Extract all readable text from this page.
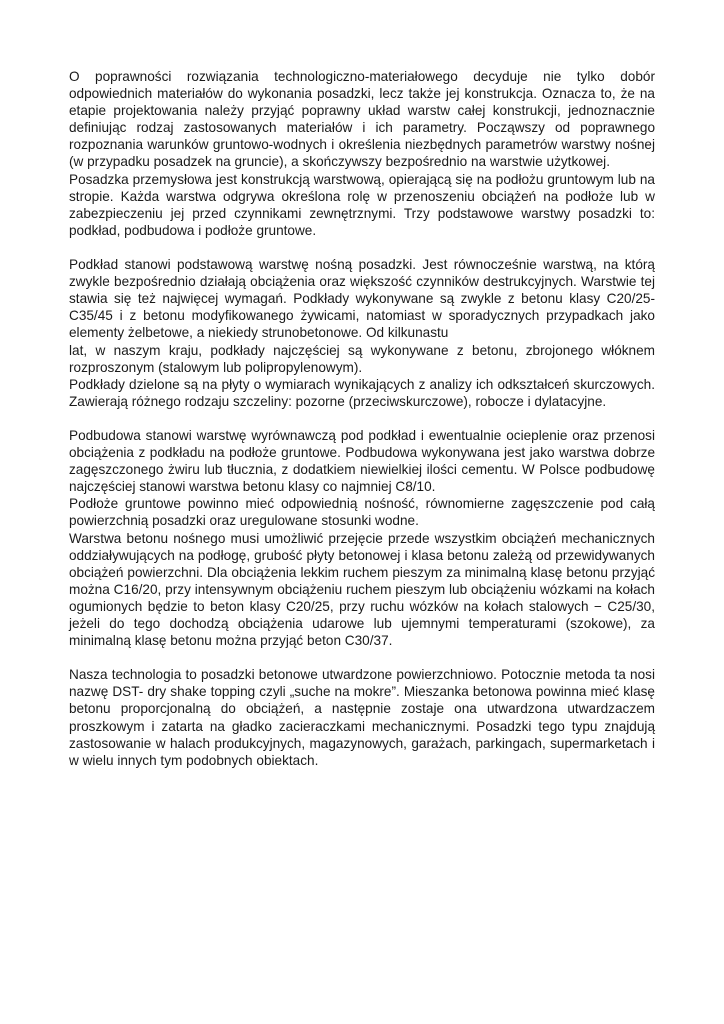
O poprawności rozwiązania technologiczno-materiałowego decyduje nie tylko dobór odpowiednich materiałów do wykonania posadzki, lecz także jej konstrukcja. Oznacza to, że na etapie projektowania należy przyjąć poprawny układ warstw całej konstrukcji, jednoznacznie definiując rodzaj zastosowanych materiałów i ich parametry. Począwszy od poprawnego rozpoznania warunków gruntowo-wodnych i określenia niezbędnych parametrów warstwy nośnej (w przypadku posadzek na gruncie), a skończywszy bezpośrednio na warstwie użytkowej.

Posadzka przemysłowa jest konstrukcją warstwową, opierającą się na podłożu gruntowym lub na stropie. Każda warstwa odgrywa określona rolę w przenoszeniu obciążeń na podłoże lub w zabezpieczeniu jej przed czynnikami zewnętrznymi. Trzy podstawowe warstwy posadzki to: podkład, podbudowa i podłoże gruntowe.

Podkład stanowi podstawową warstwę nośną posadzki. Jest równocześnie warstwą, na którą zwykle bezpośrednio działają obciążenia oraz większość czynników destrukcyjnych. Warstwie tej stawia się też najwięcej wymagań. Podkłady wykonywane są zwykle z betonu klasy C20/25-C35/45 i z betonu modyfikowanego żywicami, natomiast w sporadycznych przypadkach jako elementy żelbetowe, a niekiedy strunobetonowe. Od kilkunastu

lat, w naszym kraju, podkłady najczęściej są wykonywane z betonu, zbrojonego włóknem rozproszonym (stalowym lub polipropylenowym).

Podkłady dzielone są na płyty o wymiarach wynikających z analizy ich odkształceń skurczowych. Zawierają różnego rodzaju szczeliny: pozorne (przeciwskurczowe), robocze i dylatacyjne.

Podbudowa stanowi warstwę wyrównawczą pod podkład i ewentualnie ocieplenie oraz przenosi obciążenia z podkładu na podłoże gruntowe. Podbudowa wykonywana jest jako warstwa dobrze zagęszczonego żwiru lub tłucznia, z dodatkiem niewielkiej ilości cementu. W Polsce podbudowę najczęściej stanowi warstwa betonu klasy co najmniej C8/10.

Podłoże gruntowe powinno mieć odpowiednią nośność, równomierne zagęszczenie pod całą powierzchnią posadzki oraz uregulowane stosunki wodne.

Warstwa betonu nośnego musi umożliwić przejęcie przede wszystkim obciążeń mechanicznych oddziaływujących na podłogę, grubość płyty betonowej i klasa betonu zależą od przewidywanych obciążeń powierzchni. Dla obciążenia lekkim ruchem pieszym za minimalną klasę betonu przyjąć można C16/20, przy intensywnym obciążeniu ruchem pieszym lub obciążeniu wózkami na kołach ogumionych będzie to beton klasy C20/25, przy ruchu wózków na kołach stalowych − C25/30, jeżeli do tego dochodzą obciążenia udarowe lub ujemnymi temperaturami (szokowe), za minimalną klasę betonu można przyjąć beton C30/37.

Nasza technologia to posadzki betonowe utwardzone powierzchniowo. Potocznie metoda ta nosi nazwę DST- dry shake topping czyli „suche na mokre”. Mieszanka betonowa powinna mieć klasę betonu proporcjonalną do obciążeń, a następnie zostaje ona utwardzona utwardzaczem proszkowym i zatarta na gładko zacieraczkami mechanicznymi. Posadzki tego typu znajdują zastosowanie w halach produkcyjnych, magazynowych, garażach, parkingach, supermarketach i w wielu innych tym podobnych obiektach.
